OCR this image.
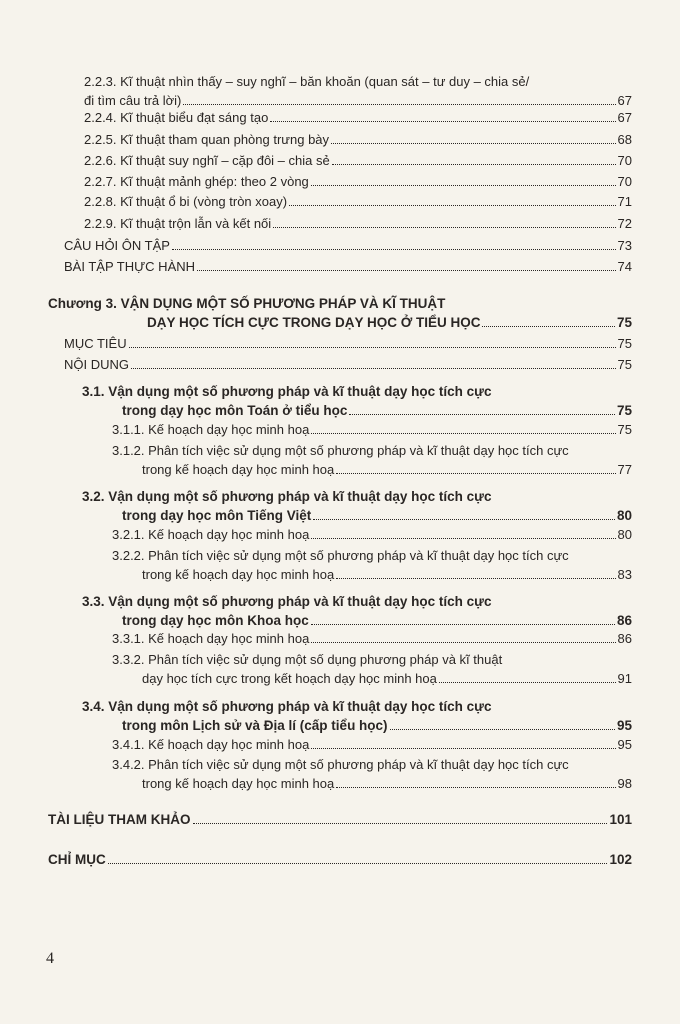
2.2.3. Kĩ thuật nhìn thấy – suy nghĩ – băn khoăn (quan sát – tư duy – chia sẻ/
đi tìm câu trả lời)	67
2.2.4. Kĩ thuật biểu đạt sáng tạo	67
2.2.5. Kĩ thuật tham quan phòng trưng bày	68
2.2.6. Kĩ thuật suy nghĩ – cặp đôi – chia sẻ	70
2.2.7. Kĩ thuật mảnh ghép: theo 2 vòng	70
2.2.8. Kĩ thuật ổ bi (vòng tròn xoay)	71
2.2.9. Kĩ thuật trộn lẫn và kết nối	72
CÂU HỎI ÔN TẬP	73
BÀI TẬP THỰC HÀNH	74
Chương 3. VẬN DỤNG MỘT SỐ PHƯƠNG PHÁP VÀ KĨ THUẬT
DẠY HỌC TÍCH CỰC TRONG DẠY HỌC Ở TIỂU HỌC	75
MỤC TIÊU	75
NỘI DUNG	75
3.1. Vận dụng một số phương pháp và kĩ thuật dạy học tích cực
trong dạy học môn Toán ở tiểu học	75
3.1.1. Kế hoạch dạy học minh hoạ	75
3.1.2. Phân tích việc sử dụng một số phương pháp và kĩ thuật dạy học tích cực
trong kế hoạch dạy học minh hoạ	77
3.2. Vận dụng một số phương pháp và kĩ thuật dạy học tích cực
trong dạy học môn Tiếng Việt	80
3.2.1. Kế hoạch dạy học minh hoạ	80
3.2.2. Phân tích việc sử dụng một số phương pháp và kĩ thuật dạy học tích cực
trong kế hoạch dạy học minh hoạ	83
3.3. Vận dụng một số phương pháp và kĩ thuật dạy học tích cực
trong dạy học môn Khoa học	86
3.3.1. Kế hoạch dạy học minh hoạ	86
3.3.2. Phân tích việc sử dụng một số dụng phương pháp và kĩ thuật
dạy học tích cực trong kết hoạch dạy học minh hoạ	91
3.4. Vận dụng một số phương pháp và kĩ thuật dạy học tích cực
trong môn Lịch sử và Địa lí (cấp tiểu học)	95
3.4.1. Kế hoạch dạy học minh hoạ	95
3.4.2. Phân tích việc sử dụng một số phương pháp và kĩ thuật dạy học tích cực
trong kế hoạch dạy học minh hoạ	98
TÀI LIỆU THAM KHẢO	101
CHỈ MỤC	102
4
